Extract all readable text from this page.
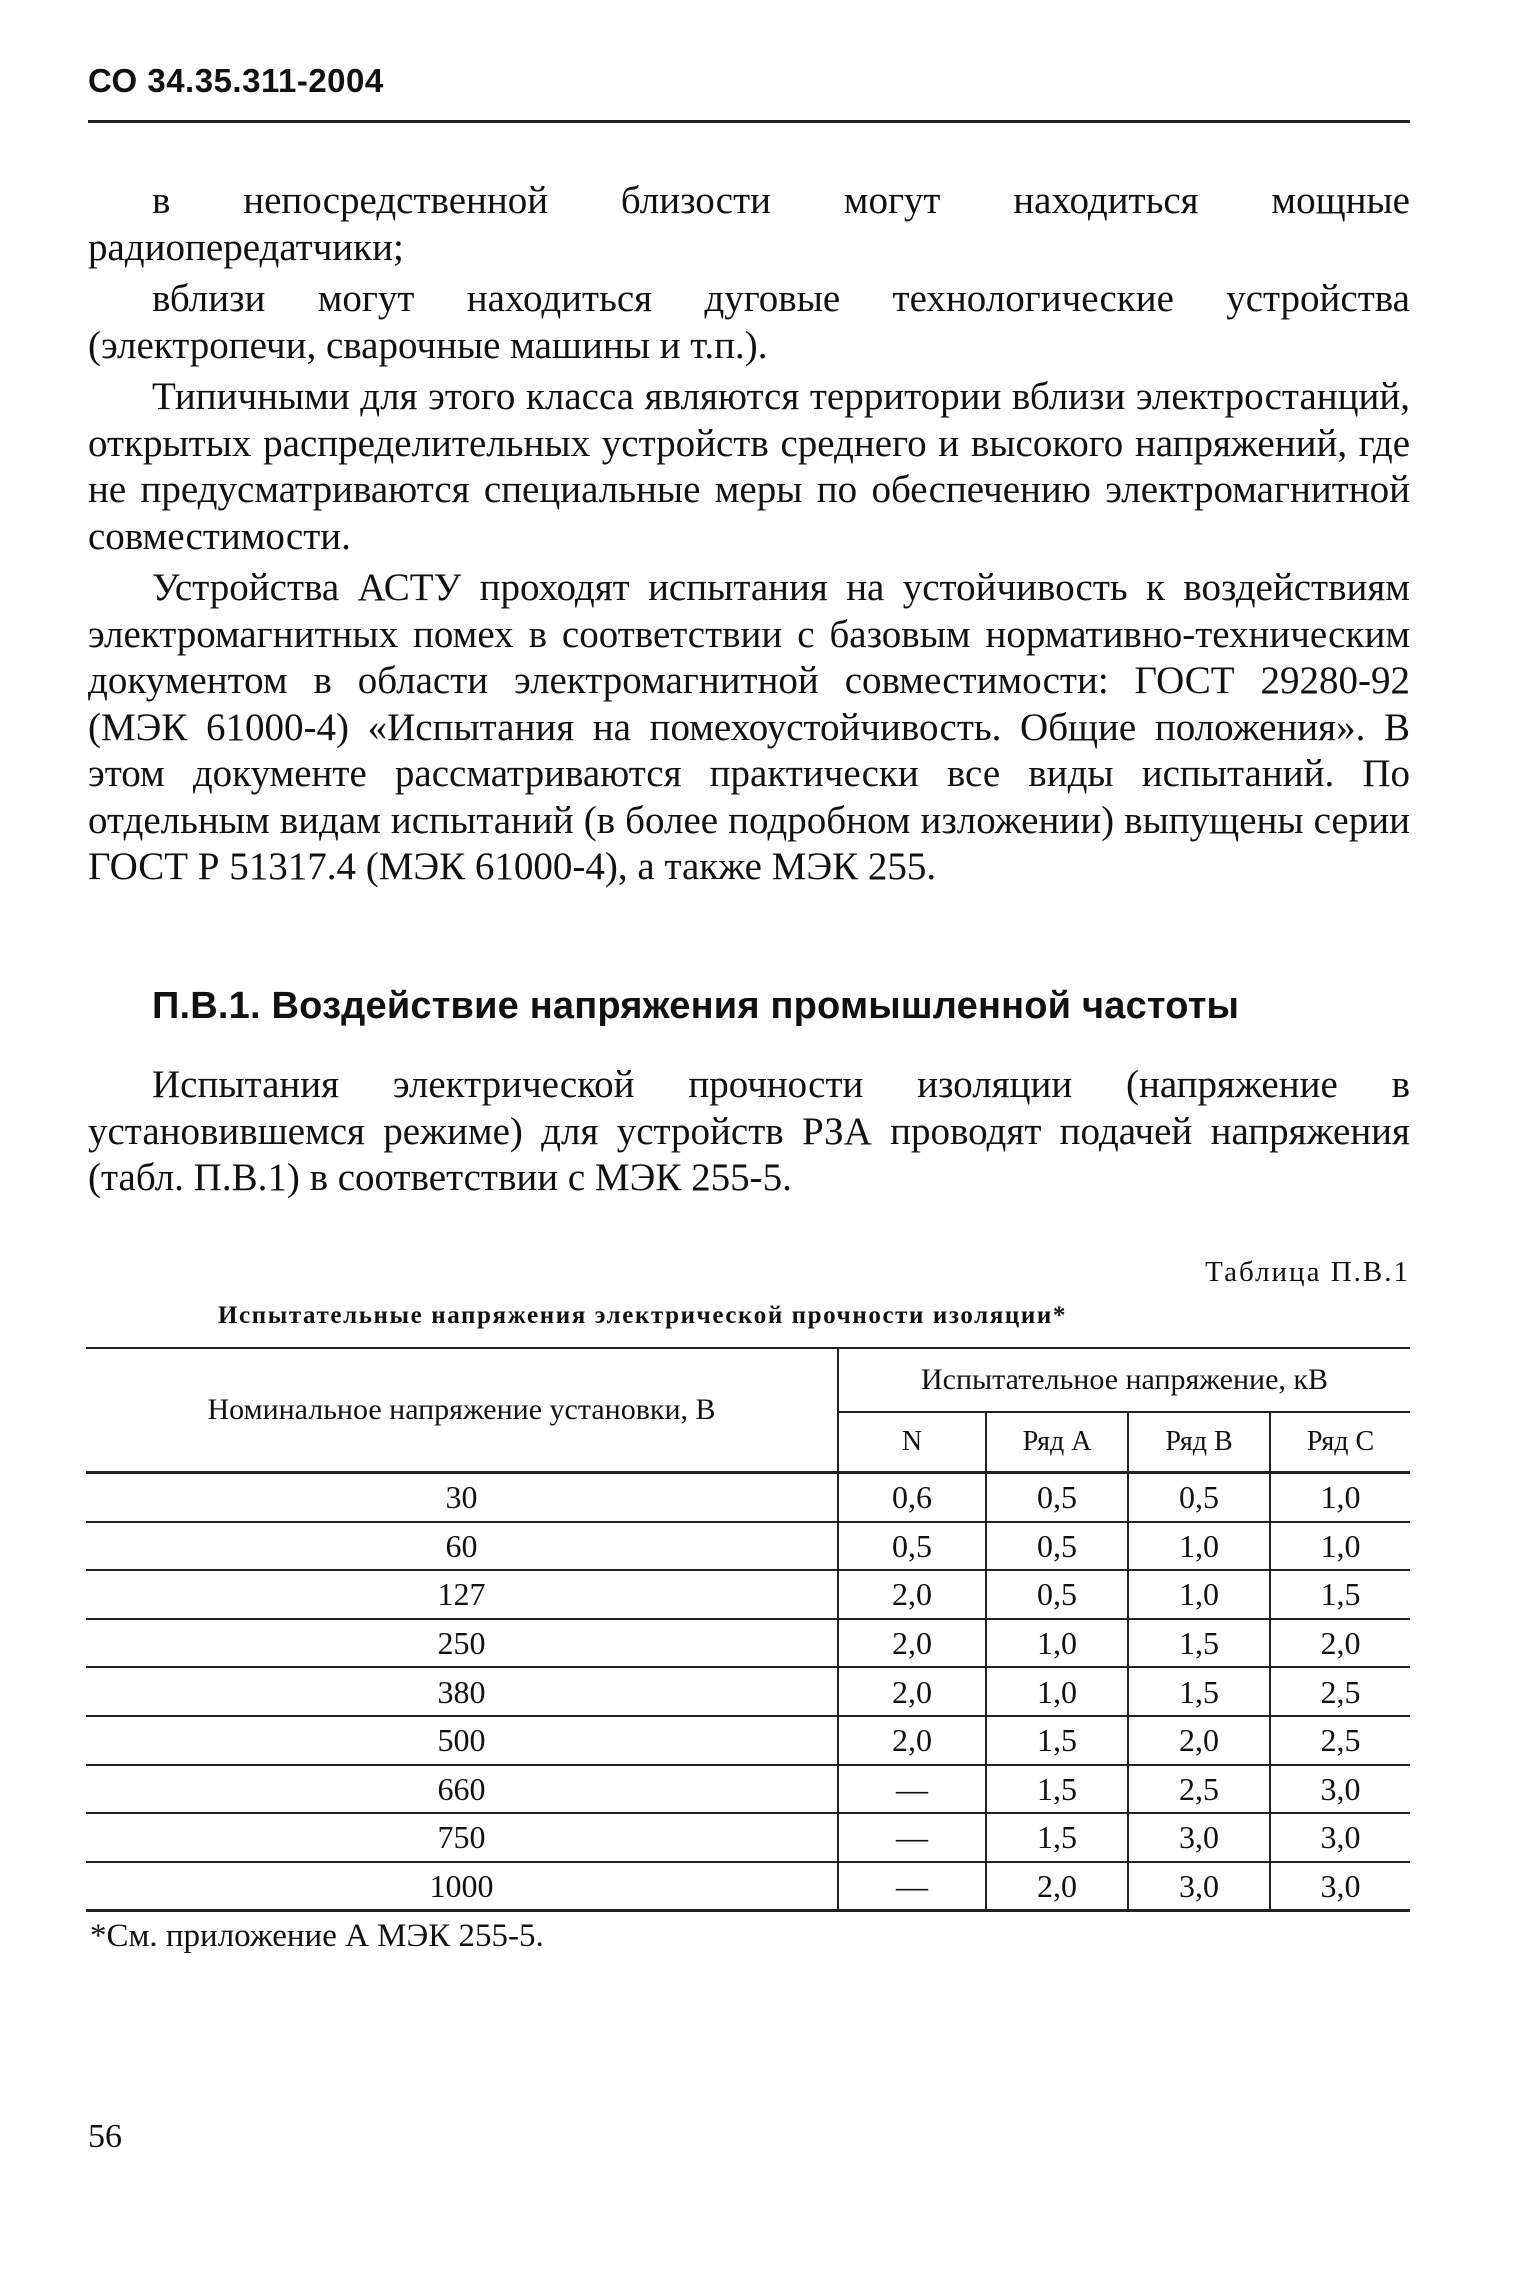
СО 34.35.311-2004

в непосредственной близости могут находиться мощные радиопередатчики;

вблизи могут находиться дуговые технологические устройства (электропечи, сварочные машины и т.п.).

Типичными для этого класса являются территории вблизи электростанций, открытых распределительных устройств среднего и высокого напряжений, где не предусматриваются специальные меры по обеспечению электромагнитной совместимости.

Устройства АСТУ проходят испытания на устойчивость к воздействиям электромагнитных помех в соответствии с базовым нормативно-техническим документом в области электромагнитной совместимости: ГОСТ 29280-92 (МЭК 61000-4) «Испытания на помехоустойчивость. Общие положения». В этом документе рассматриваются практически все виды испытаний. По отдельным видам испытаний (в более подробном изложении) выпущены серии ГОСТ Р 51317.4 (МЭК 61000-4), а также МЭК 255.

П.В.1. Воздействие напряжения промышленной частоты

Испытания электрической прочности изоляции (напряжение в установившемся режиме) для устройств РЗА проводят подачей напряжения (табл. П.В.1) в соответствии с МЭК 255-5.

Таблица П.В.1
Испытательные напряжения электрической прочности изоляции*
Номинальное напряжение установки, В	Испытательное напряжение, кВ			
	N	Ряд А	Ряд В	Ряд С
30	0,6	0,5	0,5	1,0
60	0,5	0,5	1,0	1,0
127	2,0	0,5	1,0	1,5
250	2,0	1,0	1,5	2,0
380	2,0	1,0	1,5	2,5
500	2,0	1,5	2,0	2,5
660	—	1,5	2,5	3,0
750	—	1,5	3,0	3,0
1000	—	2,0	3,0	3,0
*См. приложение А МЭК 255-5.
56
